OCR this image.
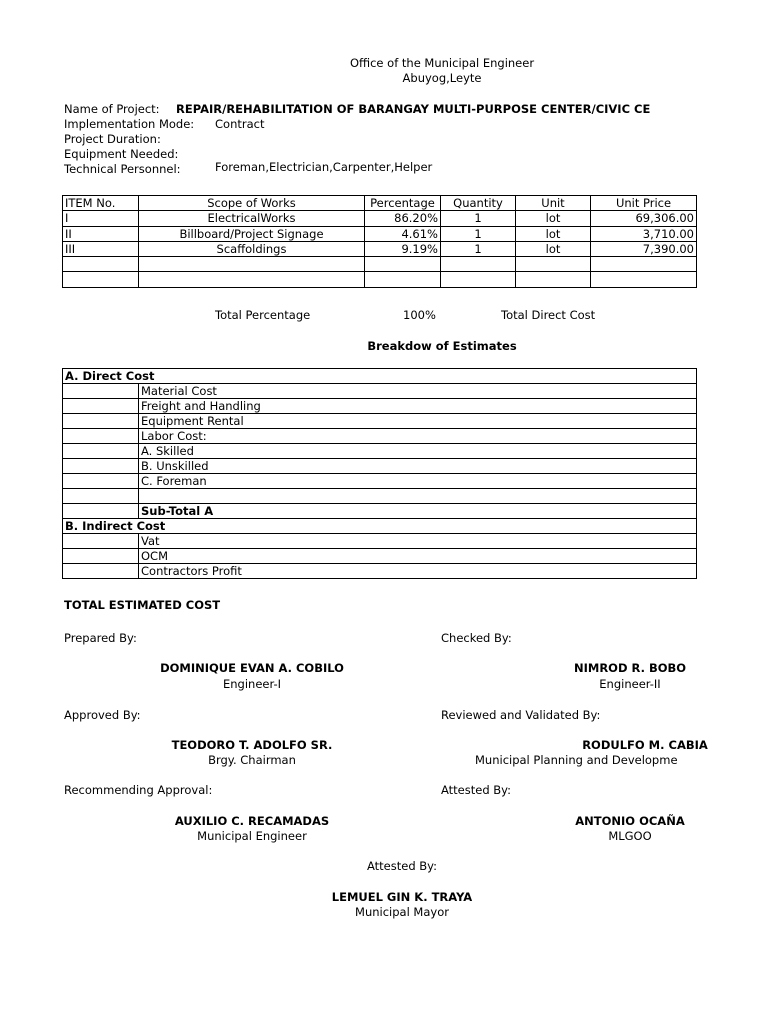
Office of the Municipal Engineer
Abuyog,Leyte
Name of Project: REPAIR/REHABILITATION OF BARANGAY MULTI-PURPOSE CENTER/CIVIC CE
Implementation Mode: Contract
Project Duration:
Equipment Needed:
Technical Personnel:	Foreman,Electrician,Carpenter,Helper
ITEM No.	Scope of Works	Percentage	Quantity	Unit	Unit Price
I	ElectricalWorks	86.20%	1	lot	69,306.00
II	Billboard/Project Signage	4.61%	1	lot	3,710.00
III	Scaffoldings	9.19%	1	lot	7,390.00

Total Percentage	100%	Total Direct Cost
Breakdow of Estimates
A. Direct Cost	
	Material Cost
	Freight and Handling
	Equipment Rental
	Labor Cost:
	A. Skilled
	B. Unskilled
	C. Foreman

	Sub-Total A
B. Indirect Cost	
	Vat
	OCM
	Contractors Profit
TOTAL ESTIMATED COST
Prepared By:	Checked By:
DOMINIQUE EVAN A. COBILO
Engineer-I
NIMROD R. BOBO
Engineer-II
Approved By:	Reviewed and Validated By:
TEODORO T. ADOLFO SR.
Brgy. Chairman
RODULFO M. CABIA
Municipal Planning and Developme
Recommending Approval:	Attested By:
AUXILIO C. RECAMADAS
Municipal Engineer
ANTONIO OCAÑA
MLGOO
Attested By:
LEMUEL GIN K. TRAYA
Municipal Mayor
